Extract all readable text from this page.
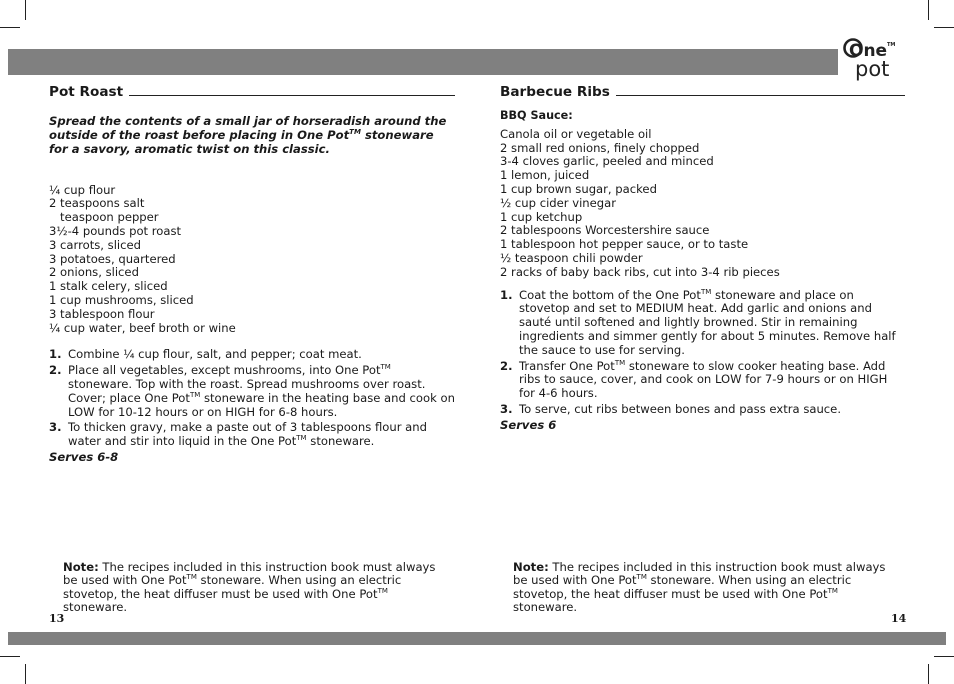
One TM
pot
Pot Roast
Spread the contents of a small jar of horseradish around the outside of the roast before placing in One Pot™ stoneware for a savory, aromatic twist on this classic.
¼ cup flour
2 teaspoons salt
teaspoon pepper
3½-4 pounds pot roast
3 carrots, sliced
3 potatoes, quartered
2 onions, sliced
1 stalk celery, sliced
1 cup mushrooms, sliced
3 tablespoon flour
¼ cup water, beef broth or wine
1. Combine ¼ cup flour, salt, and pepper; coat meat.
2. Place all vegetables, except mushrooms, into One Pot™ stoneware. Top with the roast. Spread mushrooms over roast. Cover; place One Pot™ stoneware in the heating base and cook on LOW for 10-12 hours or on HIGH for 6-8 hours.
3. To thicken gravy, make a paste out of 3 tablespoons flour and water and stir into liquid in the One Pot™ stoneware.
Serves 6-8
Note: The recipes included in this instruction book must always be used with One Pot™ stoneware. When using an electric stovetop, the heat diffuser must be used with One Pot™ stoneware.
13
Barbecue Ribs
BBQ Sauce:
Canola oil or vegetable oil
2 small red onions, finely chopped
3-4 cloves garlic, peeled and minced
1 lemon, juiced
1 cup brown sugar, packed
½ cup cider vinegar
1 cup ketchup
2 tablespoons Worcestershire sauce
1 tablespoon hot pepper sauce, or to taste
½ teaspoon chili powder
2 racks of baby back ribs, cut into 3-4 rib pieces
1. Coat the bottom of the One Pot™ stoneware and place on stovetop and set to MEDIUM heat. Add garlic and onions and sauté until softened and lightly browned. Stir in remaining ingredients and simmer gently for about 5 minutes. Remove half the sauce to use for serving.
2. Transfer One Pot™ stoneware to slow cooker heating base. Add ribs to sauce, cover, and cook on LOW for 7-9 hours or on HIGH for 4-6 hours.
3. To serve, cut ribs between bones and pass extra sauce.
Serves 6
Note: The recipes included in this instruction book must always be used with One Pot™ stoneware. When using an electric stovetop, the heat diffuser must be used with One Pot™ stoneware.
14
